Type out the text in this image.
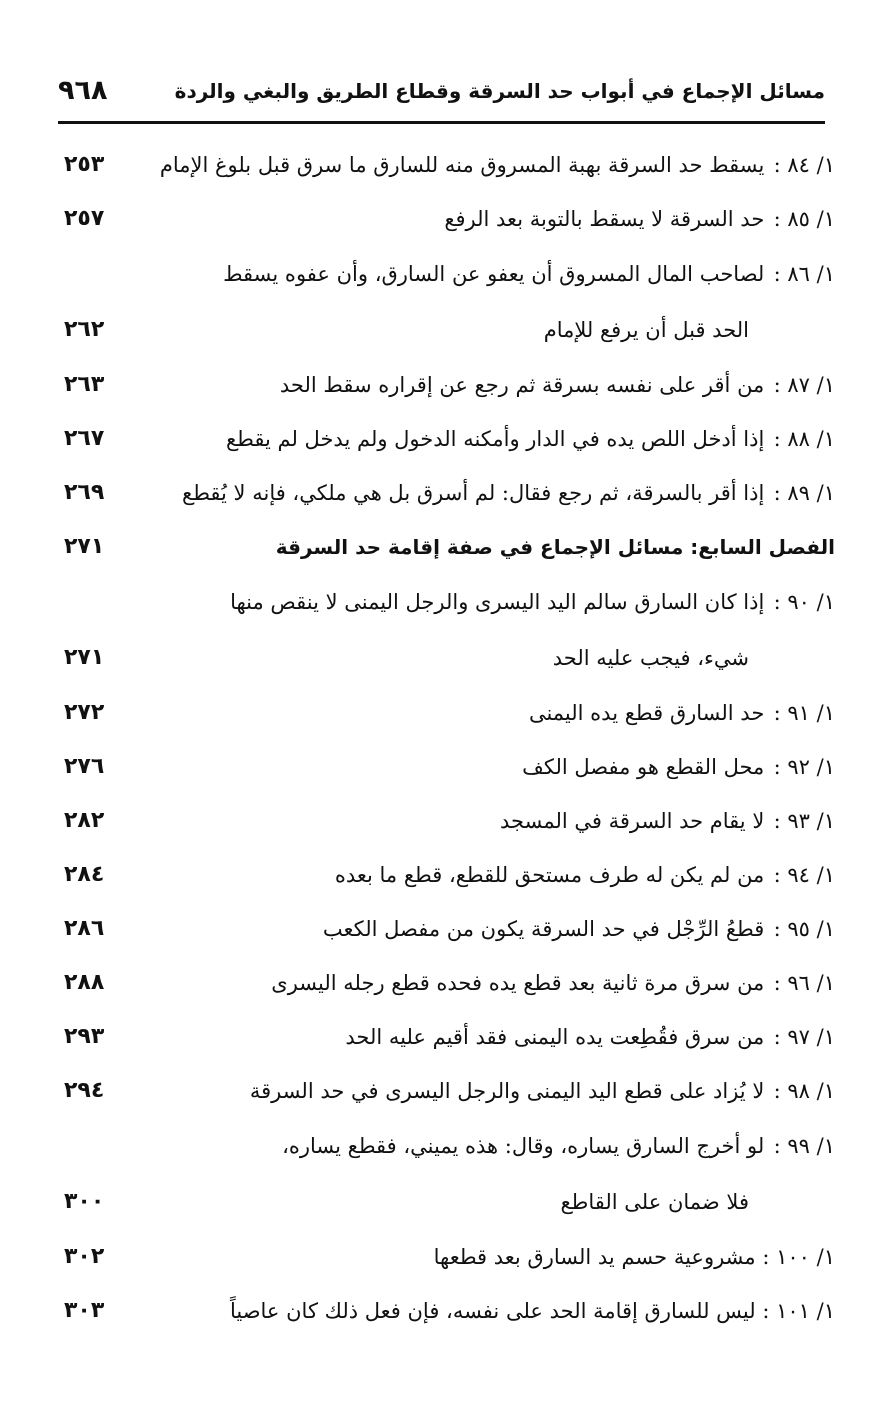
مسائل الإجماع في أبواب حد السرقة وقطاع الطريق والبغي والردة
٩٦٨
١/ ٨٤ : يسقط حد السرقة بهبة المسروق منه للسارق ما سرق قبل بلوغ الإمام
٢٥٣
١/ ٨٥ : حد السرقة لا يسقط بالتوبة بعد الرفع
٢٥٧
١/ ٨٦ : لصاحب المال المسروق أن يعفو عن السارق، وأن عفوه يسقط
الحد قبل أن يرفع للإمام
٢٦٢
١/ ٨٧ : من أقر على نفسه بسرقة ثم رجع عن إقراره سقط الحد
٢٦٣
١/ ٨٨ : إذا أدخل اللص يده في الدار وأمكنه الدخول ولم يدخل لم يقطع
٢٦٧
١/ ٨٩ : إذا أقر بالسرقة، ثم رجع فقال: لم أسرق بل هي ملكي، فإنه لا يُقطع
٢٦٩
الفصل السابع: مسائل الإجماع في صفة إقامة حد السرقة
٢٧١
١/ ٩٠ : إذا كان السارق سالم اليد اليسرى والرجل اليمنى لا ينقص منها
شيء، فيجب عليه الحد
٢٧١
١/ ٩١ : حد السارق قطع يده اليمنى
٢٧٢
١/ ٩٢ : محل القطع هو مفصل الكف
٢٧٦
١/ ٩٣ : لا يقام حد السرقة في المسجد
٢٨٢
١/ ٩٤ : من لم يكن له طرف مستحق للقطع، قطع ما بعده
٢٨٤
١/ ٩٥ : قطعُ الرِّجْل في حد السرقة يكون من مفصل الكعب
٢٨٦
١/ ٩٦ : من سرق مرة ثانية بعد قطع يده فحده قطع رجله اليسرى
٢٨٨
١/ ٩٧ : من سرق فقُطِعت يده اليمنى فقد أقيم عليه الحد
٢٩٣
١/ ٩٨ : لا يُزاد على قطع اليد اليمنى والرجل اليسرى في حد السرقة
٢٩٤
١/ ٩٩ : لو أخرج السارق يساره، وقال: هذه يميني، فقطع يساره،
فلا ضمان على القاطع
٣٠٠
١/ ١٠٠ : مشروعية حسم يد السارق بعد قطعها
٣٠٢
١/ ١٠١ : ليس للسارق إقامة الحد على نفسه، فإن فعل ذلك كان عاصياً
٣٠٣
